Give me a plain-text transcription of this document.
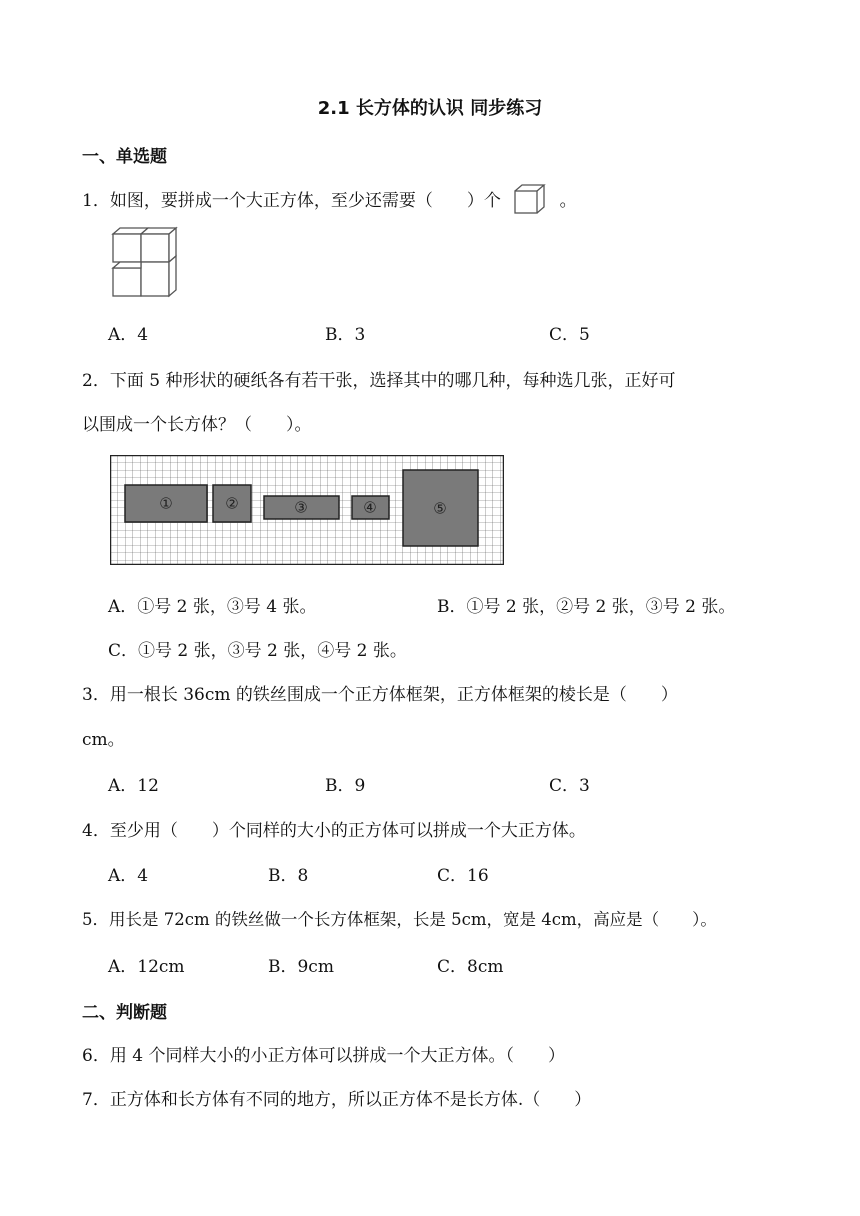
2.1 长方体的认识 同步练习
一、单选题
1．如图，要拼成一个大正方体，至少还需要（　　）个	。
A．4	B．3	C．5
2．下面 5 种形状的硬纸各有若干张，选择其中的哪几种，每种选几张，正好可
以围成一个长方体？（　　）。
①	②	③	④	⑤
A．①号 2 张，③号 4 张。	B．①号 2 张，②号 2 张，③号 2 张。
C．①号 2 张，③号 2 张，④号 2 张。
3．用一根长 36cm 的铁丝围成一个正方体框架，正方体框架的棱长是（　　）
cm。
A．12	B．9	C．3
4．至少用（　　）个同样的大小的正方体可以拼成一个大正方体。
A．4	B．8	C．16
5．用长是 72cm 的铁丝做一个长方体框架，长是 5cm，宽是 4cm，高应是（　　）。
A．12cm	B．9cm	C．8cm
二、判断题
6．用 4 个同样大小的小正方体可以拼成一个大正方体。（　　）
7．正方体和长方体有不同的地方，所以正方体不是长方体.（　　）
